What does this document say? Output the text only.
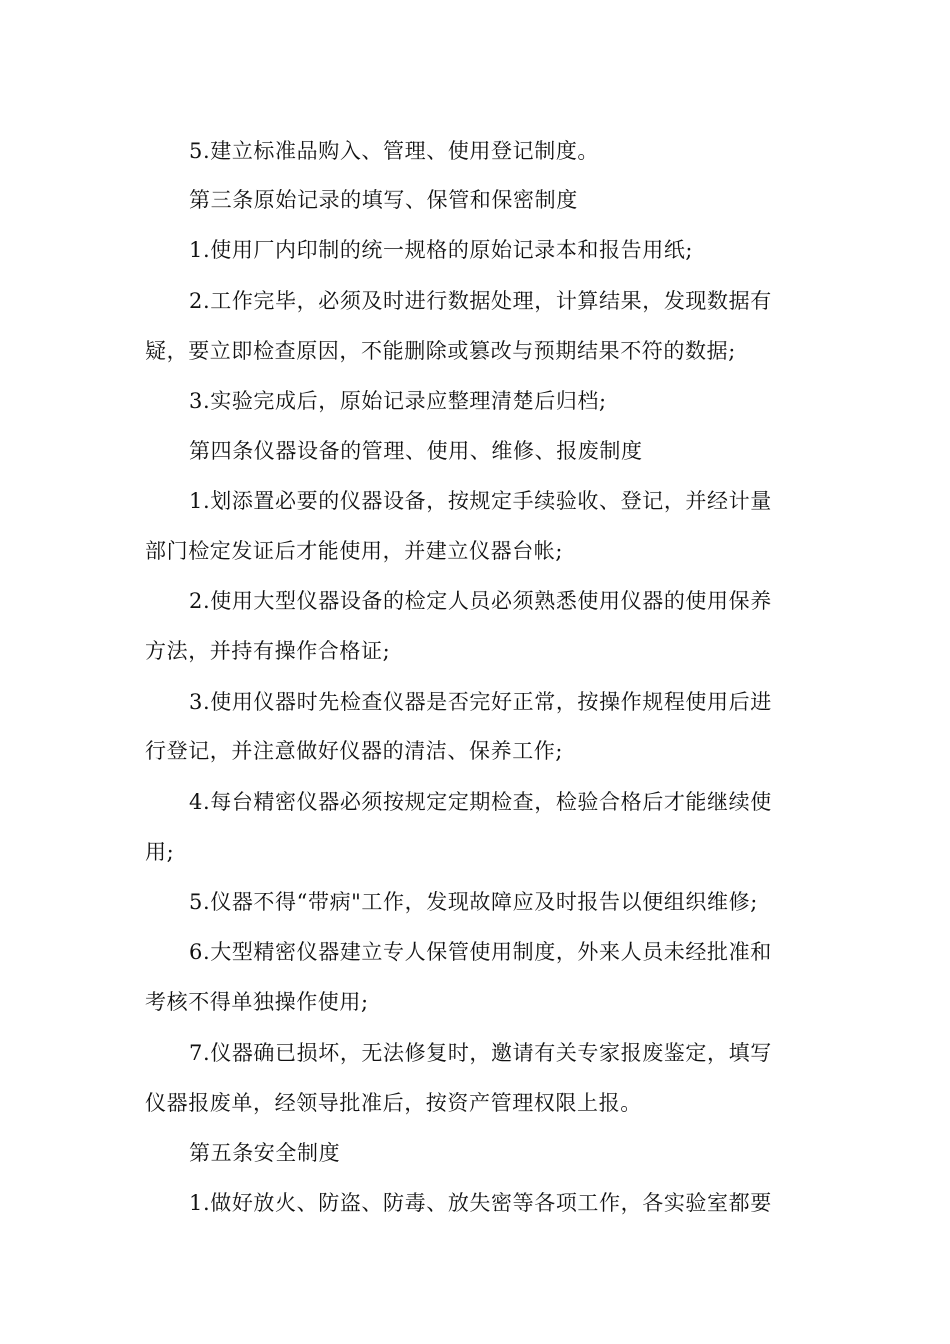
5.建立标准品购入、管理、使用登记制度。
第三条原始记录的填写、保管和保密制度
1.使用厂内印制的统一规格的原始记录本和报告用纸;
2.工作完毕，必须及时进行数据处理，计算结果，发现数据有
疑，要立即检查原因，不能删除或篡改与预期结果不符的数据;
3.实验完成后，原始记录应整理清楚后归档;
第四条仪器设备的管理、使用、维修、报废制度
1.划添置必要的仪器设备，按规定手续验收、登记，并经计量
部门检定发证后才能使用，并建立仪器台帐;
2.使用大型仪器设备的检定人员必须熟悉使用仪器的使用保养
方法，并持有操作合格证;
3.使用仪器时先检查仪器是否完好正常，按操作规程使用后进
行登记，并注意做好仪器的清洁、保养工作;
4.每台精密仪器必须按规定定期检查，检验合格后才能继续使
用;
5.仪器不得“带病"工作，发现故障应及时报告以便组织维修;
6.大型精密仪器建立专人保管使用制度，外来人员未经批准和
考核不得单独操作使用;
7.仪器确已损坏，无法修复时，邀请有关专家报废鉴定，填写
仪器报废单，经领导批准后，按资产管理权限上报。
第五条安全制度
1.做好放火、防盗、防毒、放失密等各项工作，各实验室都要
